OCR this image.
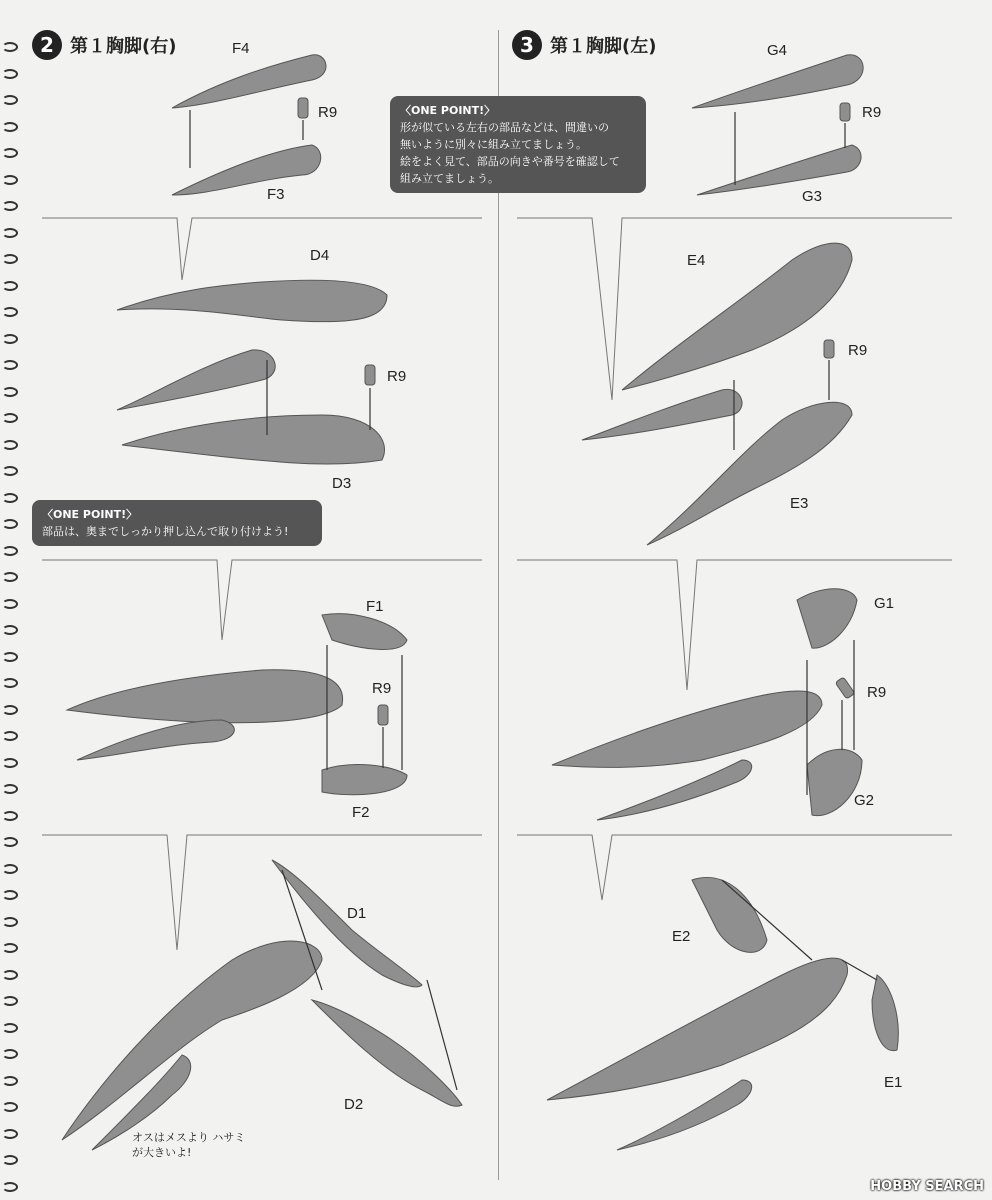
2 第１胸脚(右)	3 第１胸脚(左)
〈ONE POINT!〉
形が似ている左右の部品などは、間違いの
無いように別々に組み立てましょう。
絵をよく見て、部品の向きや番号を確認して
組み立てましょう。
〈ONE POINT!〉
部品は、奥までしっかり押し込んで取り付けよう!
F4
R9
F3
D4
R9
D3
F1
R9
F2
D1
D2
G4
R9
G3
E4
R9
E3
G1
R9
G2
E2
E1
オスはメスより ハサミが大きいよ!
HOBBY SEARCH
